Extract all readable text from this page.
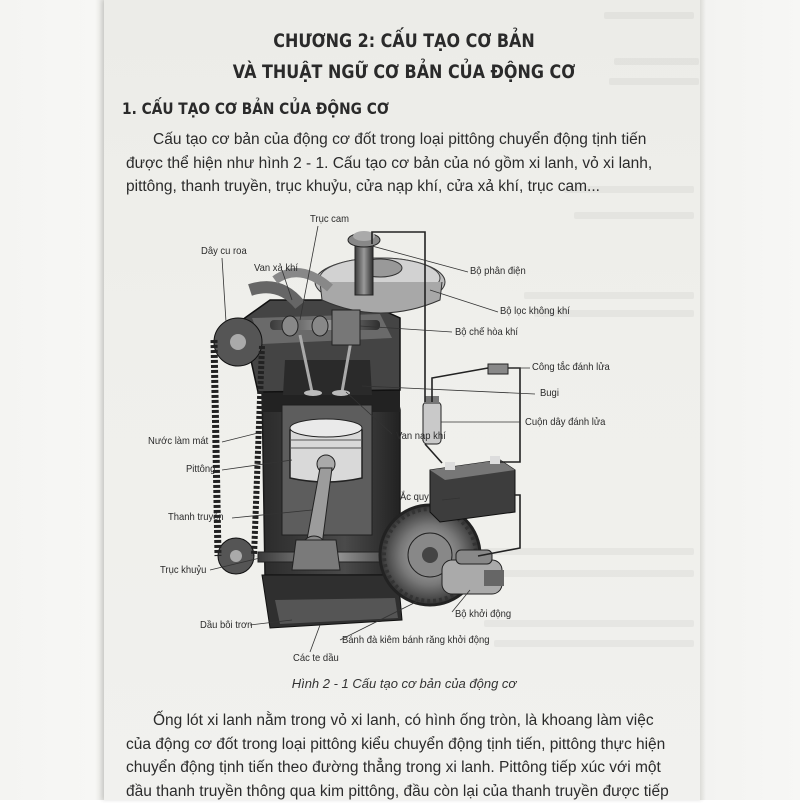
CHƯƠNG 2: CẤU TẠO CƠ BẢN
VÀ THUẬT NGỮ CƠ BẢN CỦA ĐỘNG CƠ
1. CẤU TẠO CƠ BẢN CỦA ĐỘNG CƠ

Cấu tạo cơ bản của động cơ đốt trong loại pittông chuyển động tịnh tiến

được thể hiện như hình 2 - 1. Cấu tạo cơ bản của nó gồm xi lanh, vỏ xi lanh,

pittông, thanh truyền, trục khuỷu, cửa nạp khí, cửa xả khí, trục cam...

Trục cam
Dây cu roa
Van xả khí	Bộ phân điện
Bộ lọc không khí
Bộ chế hòa khí
Công tắc đánh lửa
Bugi
Cuộn dây đánh lửa
Nước làm mát	Van nạp khí
Pittông
Ắc quy
Thanh truyền
Trục khuỷu
Bộ khởi động
Dầu bôi trơn
Bánh đà kiêm bánh răng khởi động
Các te dầu
Hình 2 - 1 Cấu tạo cơ bản của động cơ

Ống lót xi lanh nằm trong vỏ xi lanh, có hình ống tròn, là khoang làm việc

của động cơ đốt trong loại pittông kiểu chuyển động tịnh tiến, pittông thực hiện

chuyển động tịnh tiến theo đường thẳng trong xi lanh. Pittông tiếp xúc với một

đầu thanh truyền thông qua kim pittông, đầu còn lại của thanh truyền được tiếp
